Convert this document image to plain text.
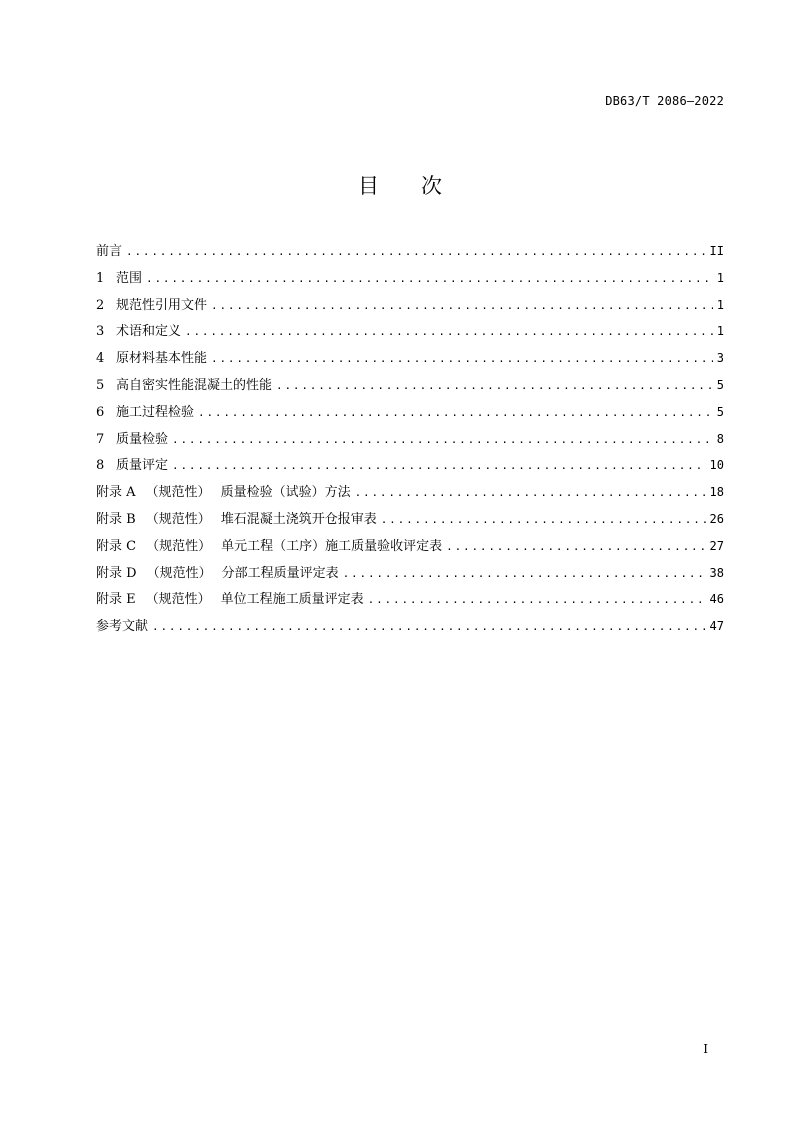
DB63/T 2086—2022
目 次
前言 . . .	II
1 范围 . . .	1
2 规范性引用文件 . . .	1
3 术语和定义 . . .	1
4 原材料基本性能 . . .	3
5 高自密实性能混凝土的性能 . . .	5
6 施工过程检验 . . .	5
7 质量检验 . . .	8
8 质量评定 . . .	10
附 录 A （规范性） 质量检验（试验）方法 . . .	18
附 录 B （规范性） 堆石混凝土浇筑开仓报审表 . . .	26
附 录 C （规范性） 单元工程（工序）施工质量验收评定表 . . .	27
附 录 D （规范性） 分部工程质量评定表 . . .	38
附 录 E （规范性） 单位工程施工质量评定表 . . .	46
参考文献 . . .	47
I
